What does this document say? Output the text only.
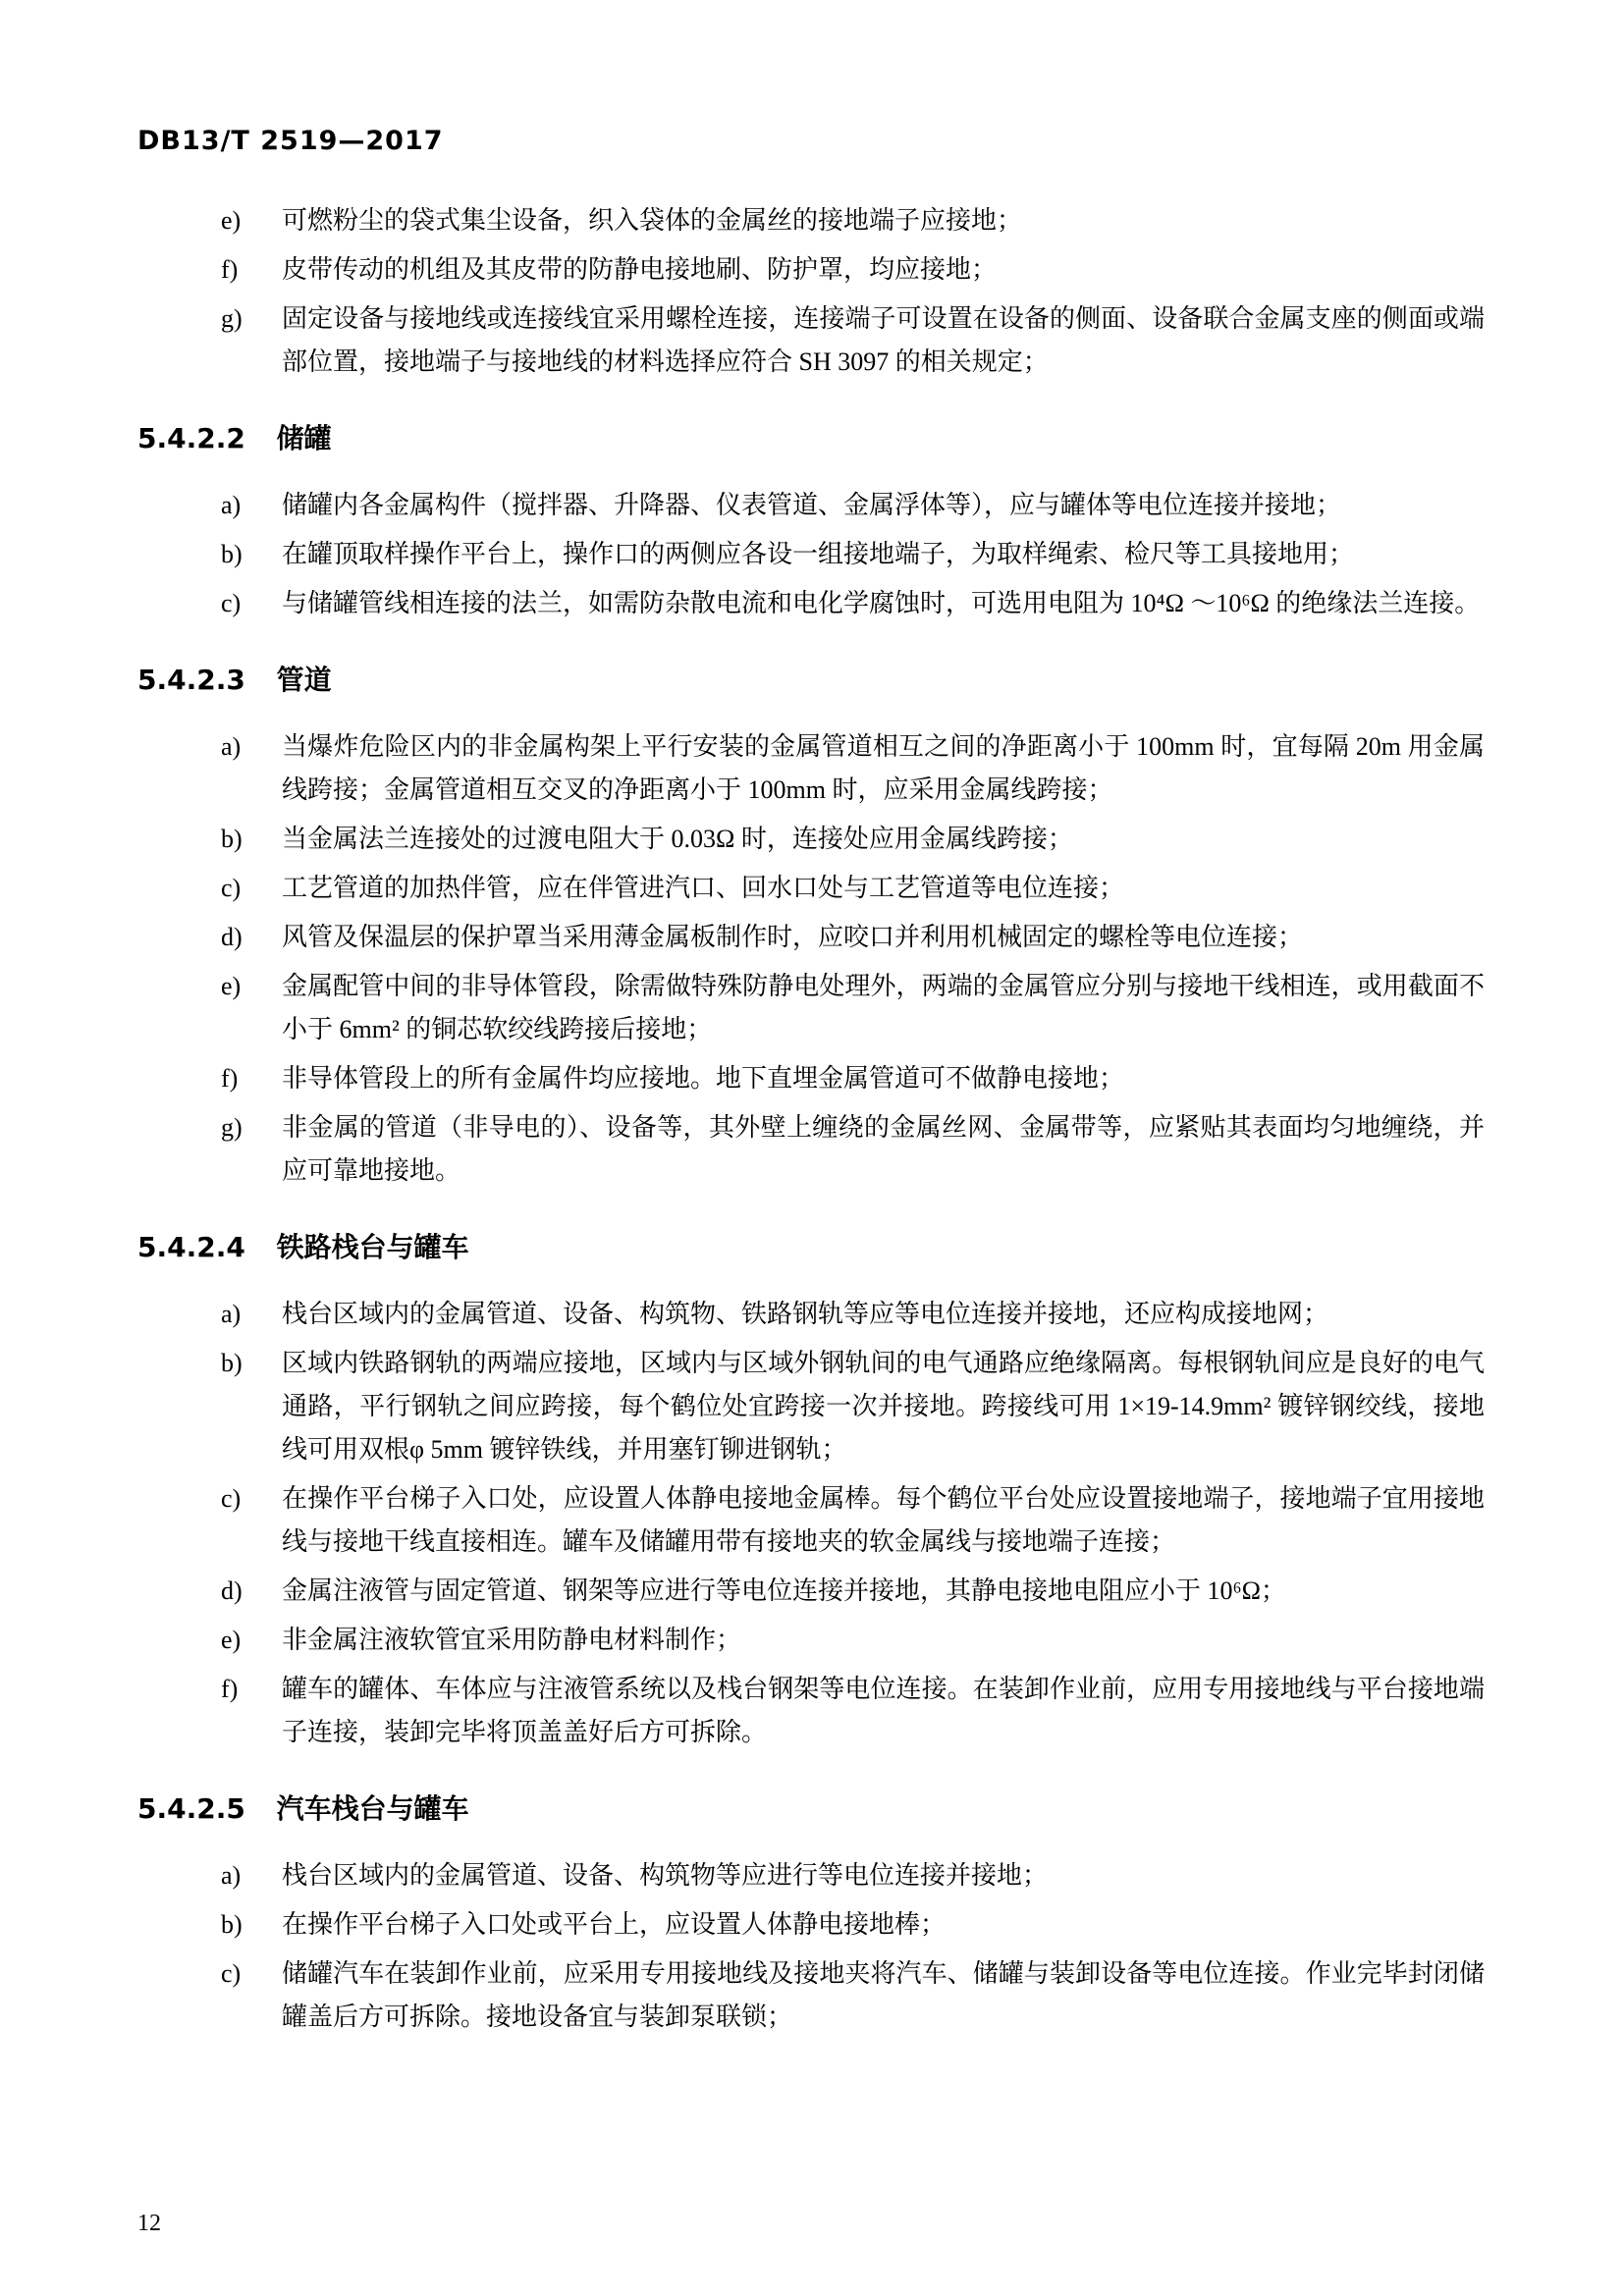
DB13/T 2519—2017
e)	可燃粉尘的袋式集尘设备，织入袋体的金属丝的接地端子应接地；
f)	皮带传动的机组及其皮带的防静电接地刷、防护罩，均应接地；
g)	固定设备与接地线或连接线宜采用螺栓连接，连接端子可设置在设备的侧面、设备联合金属支座的侧面或端部位置，接地端子与接地线的材料选择应符合 SH 3097 的相关规定；
5.4.2.2 储罐
a)	储罐内各金属构件（搅拌器、升降器、仪表管道、金属浮体等），应与罐体等电位连接并接地；
b)	在罐顶取样操作平台上，操作口的两侧应各设一组接地端子，为取样绳索、检尺等工具接地用；
c)	与储罐管线相连接的法兰，如需防杂散电流和电化学腐蚀时，可选用电阻为 10⁴Ω ～10⁶Ω 的绝缘法兰连接。
5.4.2.3 管道
a)	当爆炸危险区内的非金属构架上平行安装的金属管道相互之间的净距离小于 100mm 时，宜每隔 20m 用金属线跨接；金属管道相互交叉的净距离小于 100mm 时，应采用金属线跨接；
b)	当金属法兰连接处的过渡电阻大于 0.03Ω 时，连接处应用金属线跨接；
c)	工艺管道的加热伴管，应在伴管进汽口、回水口处与工艺管道等电位连接；
d)	风管及保温层的保护罩当采用薄金属板制作时，应咬口并利用机械固定的螺栓等电位连接；
e)	金属配管中间的非导体管段，除需做特殊防静电处理外，两端的金属管应分别与接地干线相连，或用截面不小于 6mm² 的铜芯软绞线跨接后接地；
f)	非导体管段上的所有金属件均应接地。地下直埋金属管道可不做静电接地；
g)	非金属的管道（非导电的）、设备等，其外壁上缠绕的金属丝网、金属带等，应紧贴其表面均匀地缠绕，并应可靠地接地。
5.4.2.4 铁路栈台与罐车
a)	栈台区域内的金属管道、设备、构筑物、铁路钢轨等应等电位连接并接地，还应构成接地网；
b)	区域内铁路钢轨的两端应接地，区域内与区域外钢轨间的电气通路应绝缘隔离。每根钢轨间应是良好的电气通路，平行钢轨之间应跨接，每个鹤位处宜跨接一次并接地。跨接线可用 1×19-14.9mm² 镀锌钢绞线，接地线可用双根φ 5mm 镀锌铁线，并用塞钉铆进钢轨；
c)	在操作平台梯子入口处，应设置人体静电接地金属棒。每个鹤位平台处应设置接地端子，接地端子宜用接地线与接地干线直接相连。罐车及储罐用带有接地夹的软金属线与接地端子连接；
d)	金属注液管与固定管道、钢架等应进行等电位连接并接地，其静电接地电阻应小于 10⁶Ω；
e)	非金属注液软管宜采用防静电材料制作；
f)	罐车的罐体、车体应与注液管系统以及栈台钢架等电位连接。在装卸作业前，应用专用接地线与平台接地端子连接，装卸完毕将顶盖盖好后方可拆除。
5.4.2.5 汽车栈台与罐车
a)	栈台区域内的金属管道、设备、构筑物等应进行等电位连接并接地；
b)	在操作平台梯子入口处或平台上，应设置人体静电接地棒；
c)	储罐汽车在装卸作业前，应采用专用接地线及接地夹将汽车、储罐与装卸设备等电位连接。作业完毕封闭储罐盖后方可拆除。接地设备宜与装卸泵联锁；
12
